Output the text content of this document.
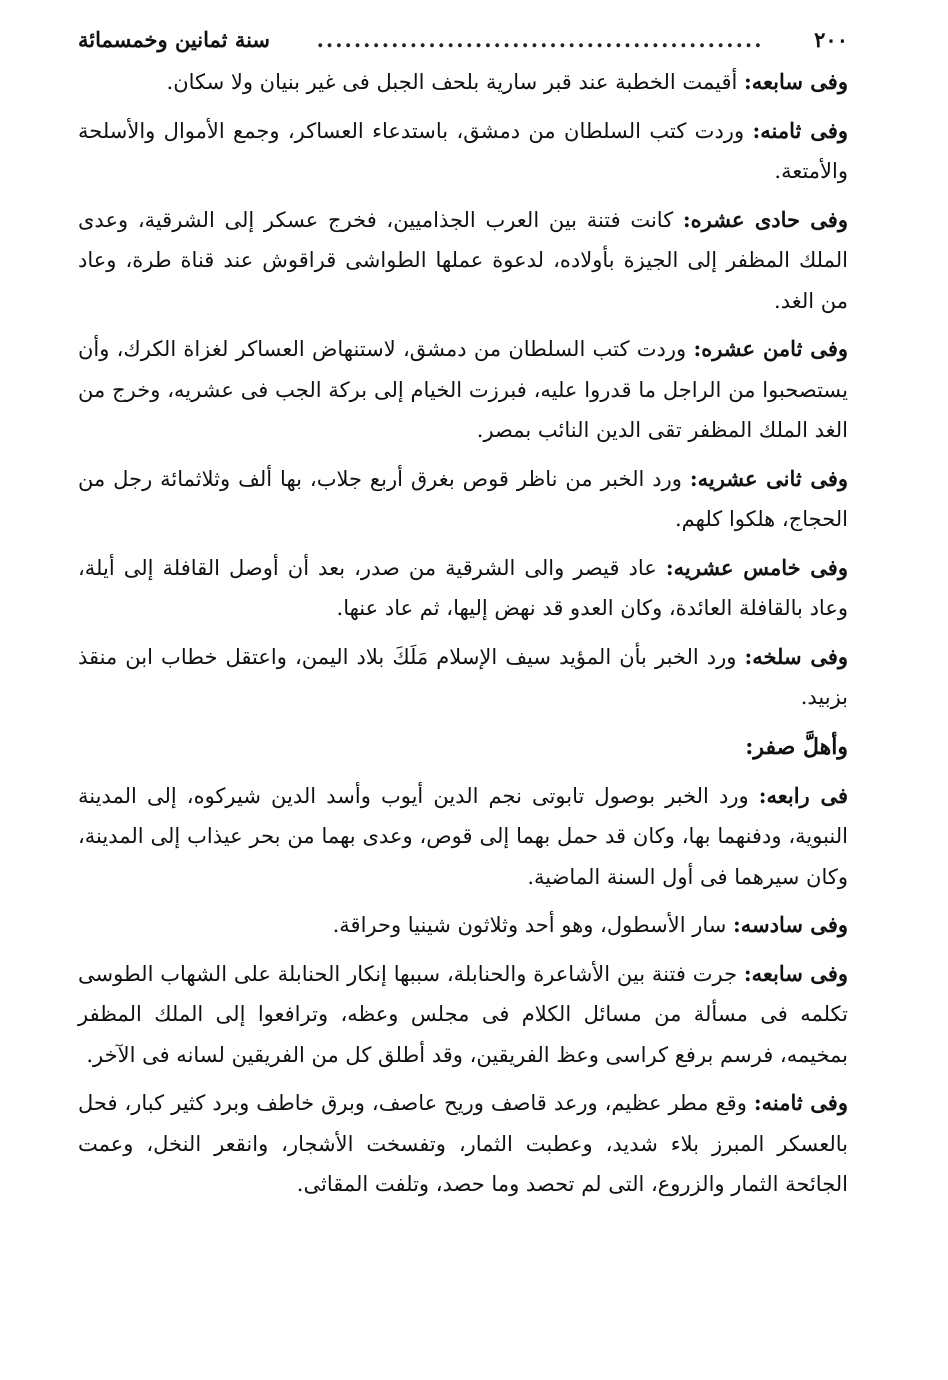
٢٠٠
................................................
سنة ثمانين وخمسمائة

وفى سابعه: أقيمت الخطبة عند قبر سارية بلحف الجبل فى غير بنيان ولا سكان.

وفى ثامنه: وردت كتب السلطان من دمشق، باستدعاء العساكر، وجمع الأموال والأسلحة والأمتعة.

وفى حادى عشره: كانت فتنة بين العرب الجذاميين، فخرج عسكر إلى الشرقية، وعدى الملك المظفر إلى الجيزة بأولاده، لدعوة عملها الطواشى قراقوش عند قناة طرة، وعاد من الغد.

وفى ثامن عشره: وردت كتب السلطان من دمشق، لاستنهاض العساكر لغزاة الكرك، وأن يستصحبوا من الراجل ما قدروا عليه، فبرزت الخيام إلى بركة الجب فى عشريه، وخرج من الغد الملك المظفر تقى الدين النائب بمصر.

وفى ثانى عشريه: ورد الخبر من ناظر قوص بغرق أربع جلاب، بها ألف وثلاثمائة رجل من الحجاج، هلكوا كلهم.

وفى خامس عشريه: عاد قيصر والى الشرقية من صدر، بعد أن أوصل القافلة إلى أيلة، وعاد بالقافلة العائدة، وكان العدو قد نهض إليها، ثم عاد عنها.

وفى سلخه: ورد الخبر بأن المؤيد سيف الإسلام مَلَكَ بلاد اليمن، واعتقل خطاب ابن منقذ بزبيد.

وأهلَّ صفر:

فى رابعه: ورد الخبر بوصول تابوتى نجم الدين أيوب وأسد الدين شيركوه، إلى المدينة النبوية، ودفنهما بها، وكان قد حمل بهما إلى قوص، وعدى بهما من بحر عيذاب إلى المدينة، وكان سيرهما فى أول السنة الماضية.

وفى سادسه: سار الأسطول، وهو أحد وثلاثون شينيا وحراقة.

وفى سابعه: جرت فتنة بين الأشاعرة والحنابلة، سببها إنكار الحنابلة على الشهاب الطوسى تكلمه فى مسألة من مسائل الكلام فى مجلس وعظه، وترافعوا إلى الملك المظفر بمخيمه، فرسم برفع كراسى وعظ الفريقين، وقد أطلق كل من الفريقين لسانه فى الآخر.

وفى ثامنه: وقع مطر عظيم، ورعد قاصف وريح عاصف، وبرق خاطف وبرد كثير كبار، فحل بالعسكر المبرز بلاء شديد، وعطبت الثمار، وتفسخت الأشجار، وانقعر النخل، وعمت الجائحة الثمار والزروع، التى لم تحصد وما حصد، وتلفت المقاثى.
